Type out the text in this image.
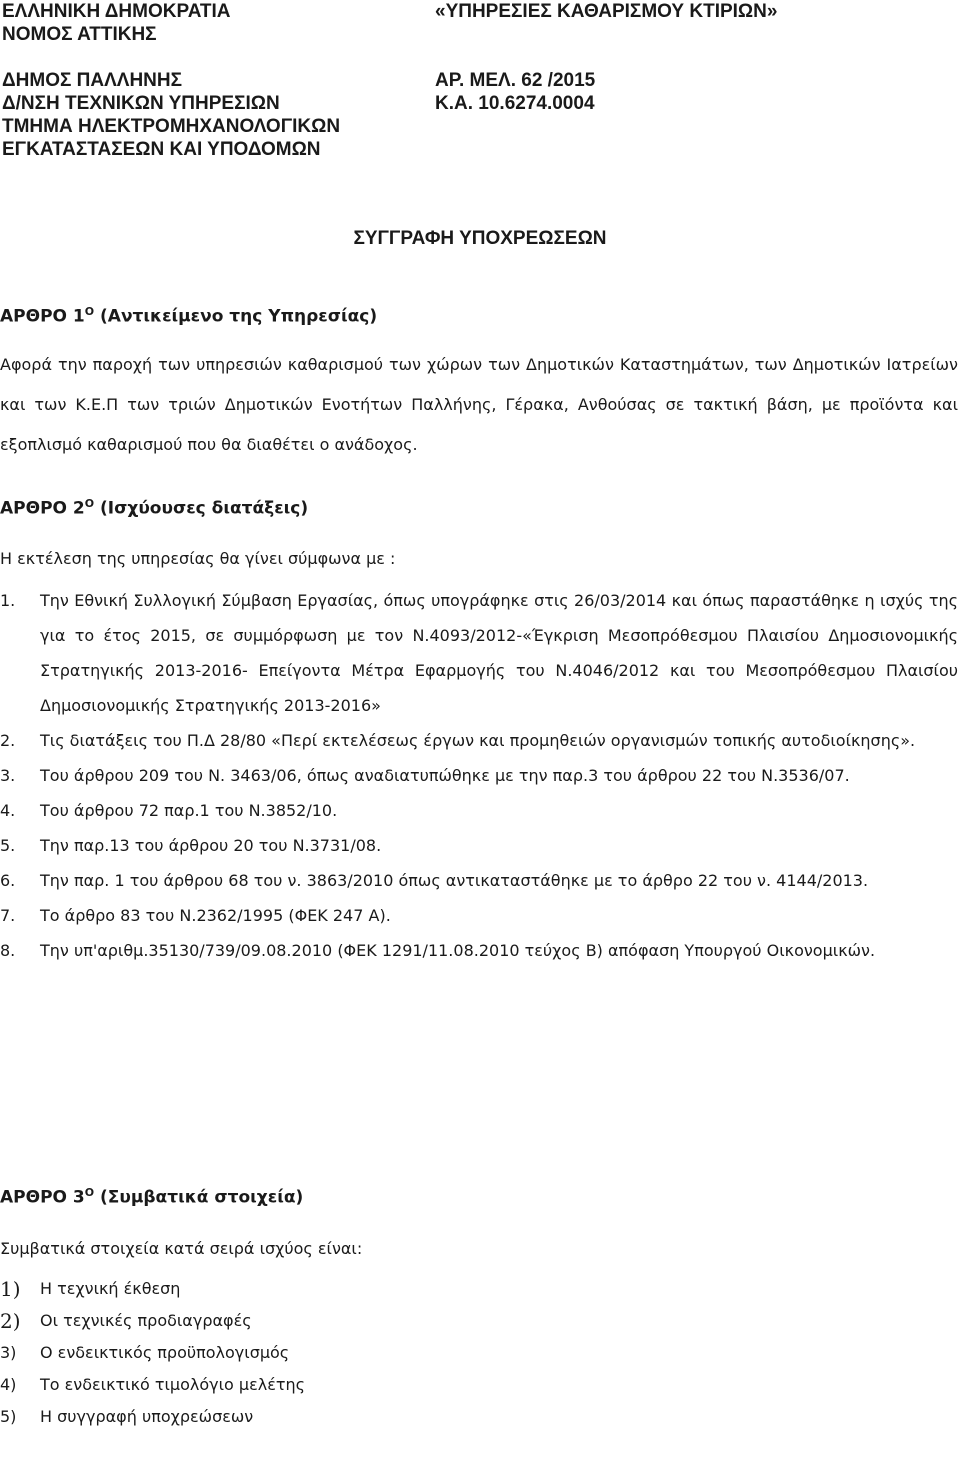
ΕΛΛΗΝΙΚΗ ΔΗΜΟΚΡΑΤΙΑ
ΝΟΜΟΣ ΑΤΤΙΚΗΣ
ΔΗΜΟΣ ΠΑΛΛΗΝΗΣ
Δ/ΝΣΗ ΤΕΧΝΙΚΩΝ ΥΠΗΡΕΣΙΩΝ
ΤΜΗΜΑ ΗΛΕΚΤΡΟΜΗΧΑΝΟΛΟΓΙΚΩΝ
ΕΓΚΑΤΑΣΤΑΣΕΩΝ ΚΑΙ ΥΠΟΔΟΜΩΝ
«ΥΠΗΡΕΣΙΕΣ ΚΑΘΑΡΙΣΜΟΥ ΚΤΙΡΙΩΝ»
ΑΡ. ΜΕΛ. 62 /2015
Κ.Α. 10.6274.0004
ΣΥΓΓΡΑΦΗ ΥΠΟΧΡΕΩΣΕΩΝ
ΑΡΘΡΟ $1^O$ (Αντικείμενο της Υπηρεσίας)

Αφορά την παροχή των υπηρεσιών καθαρισμού των χώρων των Δημοτικών Καταστημάτων, των Δημοτικών Ιατρείων και των Κ.Ε.Π των τριών Δημοτικών Ενοτήτων Παλλήνης, Γέρακα, Ανθούσας σε τακτική βάση, με προϊόντα και εξοπλισμό καθαρισμού που θα διαθέτει ο ανάδοχος.

ΑΡΘΡΟ $2^O$ (Ισχύουσες διατάξεις)

Η εκτέλεση της υπηρεσίας θα γίνει σύμφωνα με :

1. Την Εθνική Συλλογική Σύμβαση Εργασίας, όπως υπογράφηκε στις 26/03/2014 και όπως παραστάθηκε η ισχύς της για το έτος 2015, σε συμμόρφωση με τον Ν.4093/2012-«Έγκριση Μεσοπρόθεσμου Πλαισίου Δημοσιονομικής Στρατηγικής 2013-2016- Επείγοντα Μέτρα Εφαρμογής του Ν.4046/2012 και του Μεσοπρόθεσμου Πλαισίου Δημοσιονομικής Στρατηγικής 2013-2016»
2. Τις διατάξεις του Π.Δ 28/80 «Περί εκτελέσεως έργων και προμηθειών οργανισμών τοπικής αυτοδιοίκησης».
3. Του άρθρου 209 του Ν. 3463/06, όπως αναδιατυπώθηκε με την παρ.3 του άρθρου 22 του Ν.3536/07.
4. Του άρθρου 72 παρ.1 του Ν.3852/10.
5. Την παρ.13 του άρθρου 20 του Ν.3731/08.
6. Την παρ. 1 του άρθρου 68 του ν. 3863/2010 όπως αντικαταστάθηκε με το άρθρο 22 του ν. 4144/2013.
7. Το άρθρο 83 του Ν.2362/1995 (ΦΕΚ 247 Α).
8. Την υπ'αριθμ.35130/739/09.08.2010 (ΦΕΚ 1291/11.08.2010 τεύχος Β) απόφαση Υπουργού Οικονομικών.
ΑΡΘΡΟ $3^O$ (Συμβατικά στοιχεία)

Συμβατικά στοιχεία κατά σειρά ισχύος είναι:

1) Η τεχνική έκθεση
2) Οι τεχνικές προδιαγραφές
3) Ο ενδεικτικός προϋπολογισμός
4) Το ενδεικτικό τιμολόγιο μελέτης
5) Η συγγραφή υποχρεώσεων
